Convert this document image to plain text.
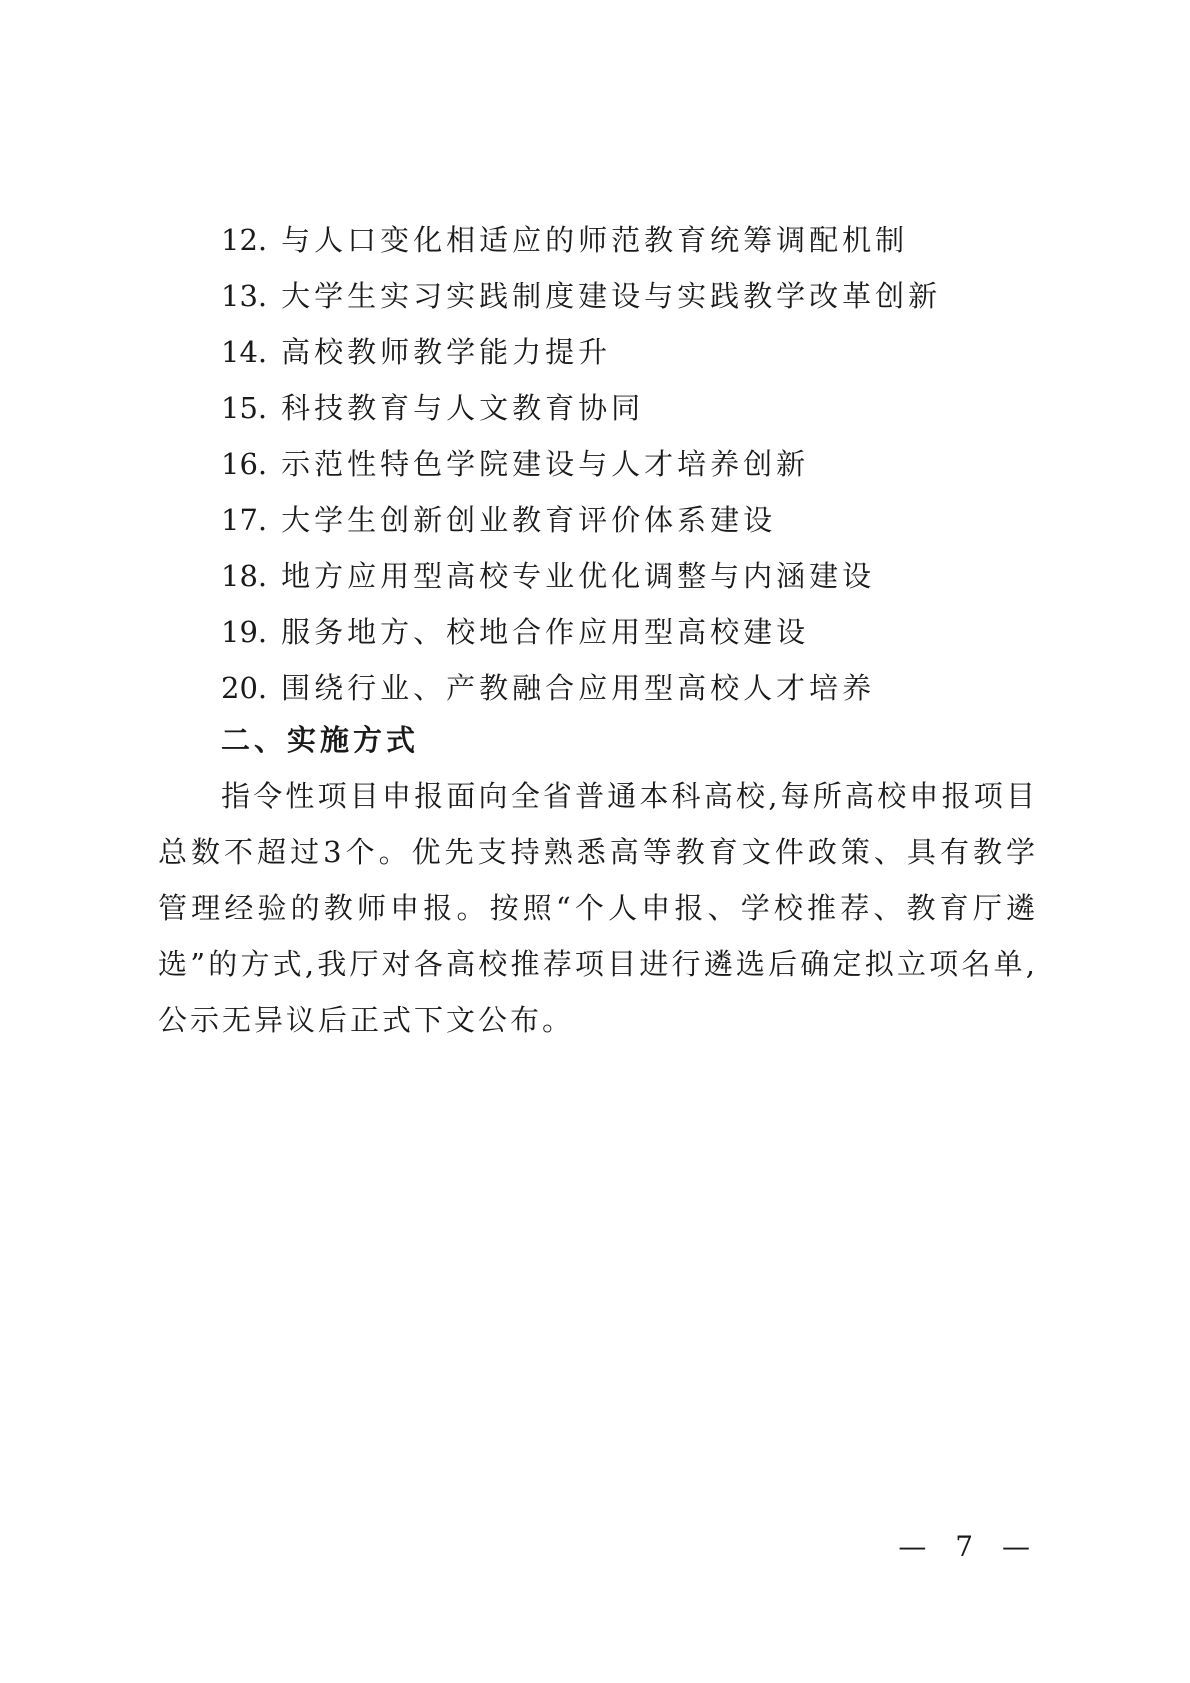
12. 与人口变化相适应的师范教育统筹调配机制
13. 大学生实习实践制度建设与实践教学改革创新
14. 高校教师教学能力提升
15. 科技教育与人文教育协同
16. 示范性特色学院建设与人才培养创新
17. 大学生创新创业教育评价体系建设
18. 地方应用型高校专业优化调整与内涵建设
19. 服务地方、校地合作应用型高校建设
20. 围绕行业、产教融合应用型高校人才培养
二、实施方式

指令性项目申报面向全省普通本科高校,每所高校申报项目总数不超过3个。优先支持熟悉高等教育文件政策、具有教学管理经验的教师申报。按照“个人申报、学校推荐、教育厅遴选”的方式,我厅对各高校推荐项目进行遴选后确定拟立项名单,公示无异议后正式下文公布。

— 7 —
